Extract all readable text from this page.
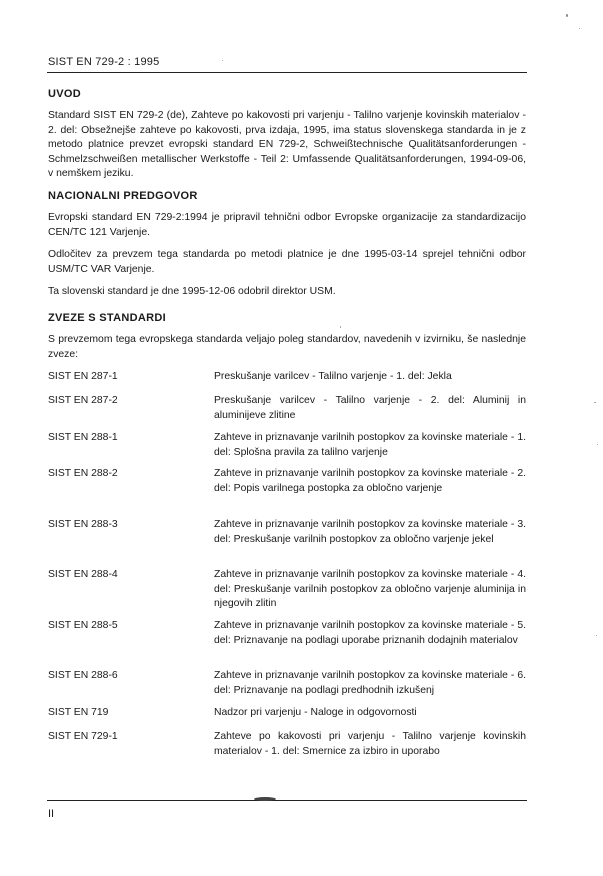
SIST EN 729-2 : 1995
UVOD
Standard SIST EN 729-2 (de), Zahteve po kakovosti pri varjenju - Talilno varjenje kovinskih materialov - 2. del: Obsežnejše zahteve po kakovosti, prva izdaja, 1995, ima status slovenskega standarda in je z metodo platnice prevzet evropski standard EN 729-2, Schweißtechnische Qualitätsanforderungen - Schmelzschweißen metallischer Werkstoffe - Teil 2: Umfassende Qualitätsanforderungen, 1994-09-06, v nemškem jeziku.
NACIONALNI PREDGOVOR
Evropski standard EN 729-2:1994 je pripravil tehnični odbor Evropske organizacije za standardizacijo CEN/TC 121 Varjenje.
Odločitev za prevzem tega standarda po metodi platnice je dne 1995-03-14 sprejel tehnični odbor USM/TC VAR Varjenje.
Ta slovenski standard je dne 1995-12-06 odobril direktor USM.
ZVEZE S STANDARDI
S prevzemom tega evropskega standarda veljajo poleg standardov, navedenih v izvirniku, še naslednje zveze:
SIST EN 287-1	Preskušanje varilcev - Talilno varjenje - 1. del: Jekla
SIST EN 287-2	Preskušanje varilcev - Talilno varjenje - 2. del: Aluminij in aluminijeve zlitine
SIST EN 288-1	Zahteve in priznavanje varilnih postopkov za kovinske materiale - 1. del: Splošna pravila za talilno varjenje
SIST EN 288-2	Zahteve in priznavanje varilnih postopkov za kovinske materiale - 2. del: Popis varilnega postopka za obločno varjenje
SIST EN 288-3	Zahteve in priznavanje varilnih postopkov za kovinske materiale - 3. del: Preskušanje varilnih postopkov za obločno varjenje jekel
SIST EN 288-4	Zahteve in priznavanje varilnih postopkov za kovinske materiale - 4. del: Preskušanje varilnih postopkov za obločno varjenje aluminija in njegovih zlitin
SIST EN 288-5	Zahteve in priznavanje varilnih postopkov za kovinske materiale - 5. del: Priznavanje na podlagi uporabe priznanih dodajnih materialov
SIST EN 288-6	Zahteve in priznavanje varilnih postopkov za kovinske materiale - 6. del: Priznavanje na podlagi predhodnih izkušenj
SIST EN 719	Nadzor pri varjenju - Naloge in odgovornosti
SIST EN 729-1	Zahteve po kakovosti pri varjenju - Talilno varjenje kovinskih materialov - 1. del: Smernice za izbiro in uporabo
II
